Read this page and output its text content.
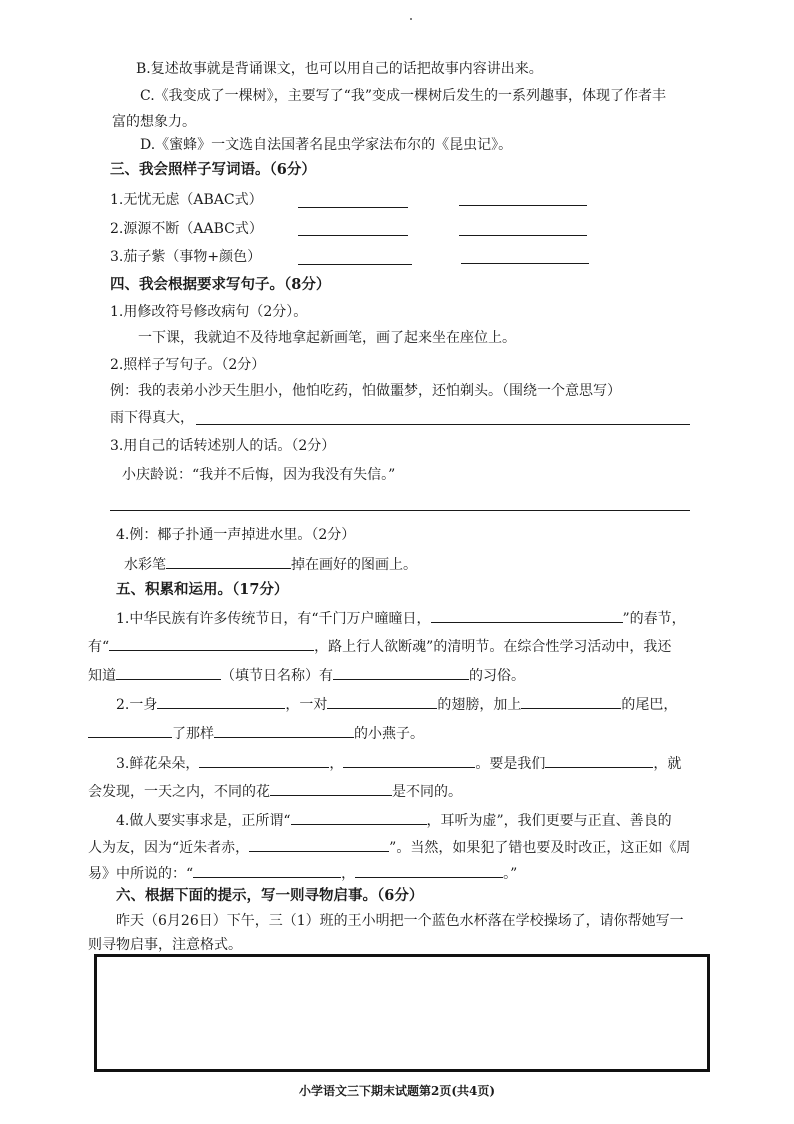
B.复述故事就是背诵课文，也可以用自己的话把故事内容讲出来。
C.《我变成了一棵树》，主要写了“我”变成一棵树后发生的一系列趣事，体现了作者丰
富的想象力。
D.《蜜蜂》一文选自法国著名昆虫学家法布尔的《昆虫记》。
三、我会照样子写词语。（6分）
1.无忧无虑（ABAC式）
2.源源不断（AABC式）
3.茄子紫（事物+颜色）
四、我会根据要求写句子。（8分）
1.用修改符号修改病句（2分）。
一下课，我就迫不及待地拿起新画笔，画了起来坐在座位上。
2.照样子写句子。（2分）
例：我的表弟小沙天生胆小，他怕吃药，怕做噩梦，还怕剃头。（围绕一个意思写）
雨下得真大，
3.用自己的话转述别人的话。（2分）
小庆龄说：“我并不后悔，因为我没有失信。”
4.例：椰子扑通一声掉进水里。（2分）
水彩笔	掉在画好的图画上。
五、积累和运用。（17分）
1.中华民族有许多传统节日，有“千门万户曈曈日，	”的春节，
有“	，路上行人欲断魂”的清明节。在综合性学习活动中，我还
知道	（填节日名称）有	的习俗。
2.一身	，一对	的翅膀，加上	的尾巴，
了那样	的小燕子。
3.鲜花朵朵，	，	。要是我们	，就
会发现，一天之内，不同的花	是不同的。
4.做人要实事求是，正所谓“	，耳听为虚”，我们更要与正直、善良的
人为友，因为“近朱者赤，	”。当然，如果犯了错也要及时改正，这正如《周
易》中所说的：“	，	。”
六、根据下面的提示，写一则寻物启事。（6分）
昨天（6月26日）下午，三（1）班的王小明把一个蓝色水杯落在学校操场了，请你帮她写一
则寻物启事，注意格式。
小学语文三下期末试题第2页(共4页)
